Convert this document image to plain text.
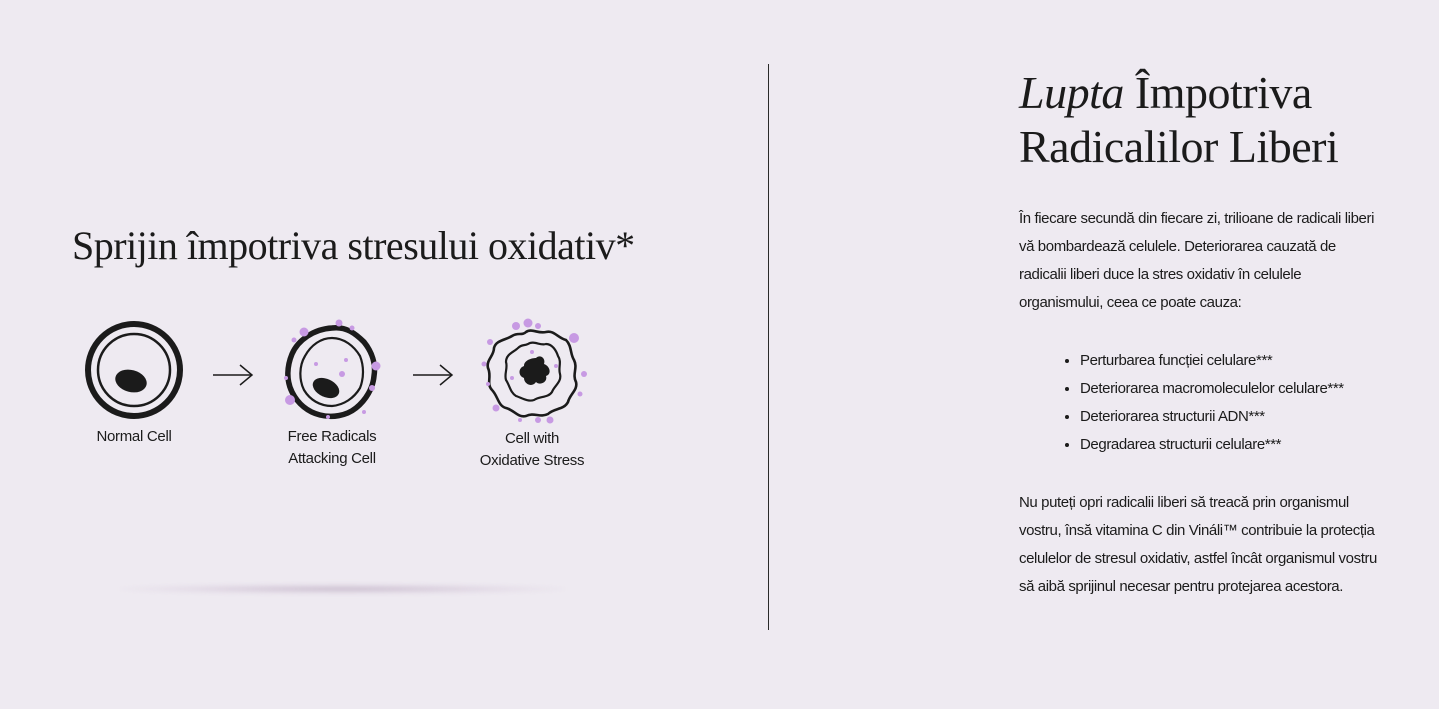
Sprijin împotriva stresului oxidativ*
Normal Cell	Free Radicals
Attacking Cell
Cell with
Oxidative Stress
Lupta Împotriva
Radicalilor Liberi

În fiecare secundă din fiecare zi, trilioane de radicali liberi vă bombardează celulele. Deteriorarea cauzată de radicalii liberi duce la stres oxidativ în celulele organismului, ceea ce poate cauza:

• Perturbarea funcției celulare***
• Deteriorarea macromoleculelor celulare***
• Deteriorarea structurii ADN***
• Degradarea structurii celulare***

Nu puteți opri radicalii liberi să treacă prin organismul vostru, însă vitamina C din Vináli™ contribuie la protecția celulelor de stresul oxidativ, astfel încât organismul vostru să aibă sprijinul necesar pentru protejarea acestora.
